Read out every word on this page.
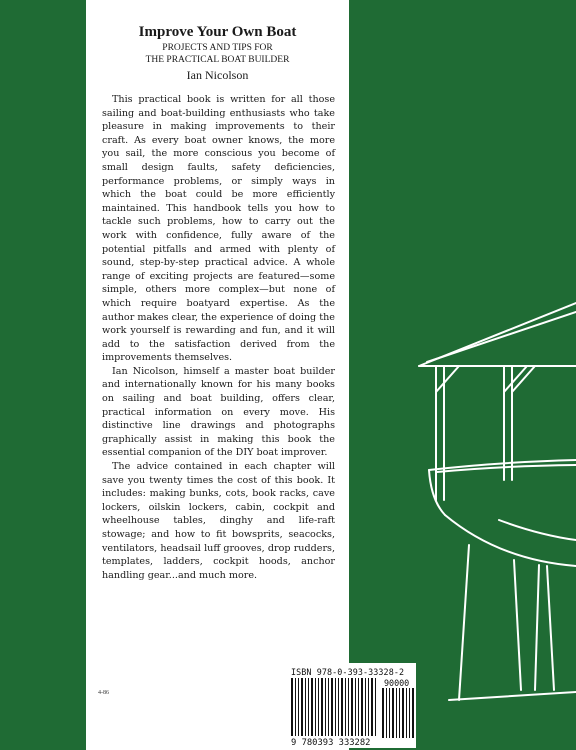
Improve Your Own Boat
PROJECTS AND TIPS FOR
THE PRACTICAL BOAT BUILDER
Ian Nicolson

This practical book is written for all those sailing and boat-building enthusiasts who take pleasure in making improvements to their craft. As every boat owner knows, the more you sail, the more conscious you become of small design faults, safety deficiencies, performance problems, or simply ways in which the boat could be more efficiently maintained. This handbook tells you how to tackle such problems, how to carry out the work with confidence, fully aware of the potential pitfalls and armed with plenty of sound, step-by-step practical advice. A whole range of exciting projects are featured—some simple, others more complex—but none of which require boatyard expertise. As the author makes clear, the experience of doing the work yourself is rewarding and fun, and it will add to the satisfaction derived from the improvements themselves.

Ian Nicolson, himself a master boat builder and internationally known for his many books on sailing and boat building, offers clear, practical information on every move. His distinctive line drawings and photographs graphically assist in making this book the essential companion of the DIY boat improver.

The advice contained in each chapter will save you twenty times the cost of this book. It includes: making bunks, cots, book racks, cave lockers, oilskin lockers, cabin, cockpit and wheelhouse tables, dinghy and life-raft stowage; and how to fit bowsprits, seacocks, ventilators, headsail luff grooves, drop rudders, templates, ladders, cockpit hoods, anchor handling gear...and much more.

4-86
ISBN 978-0-393-33328-2
90000
9 780393 333282
